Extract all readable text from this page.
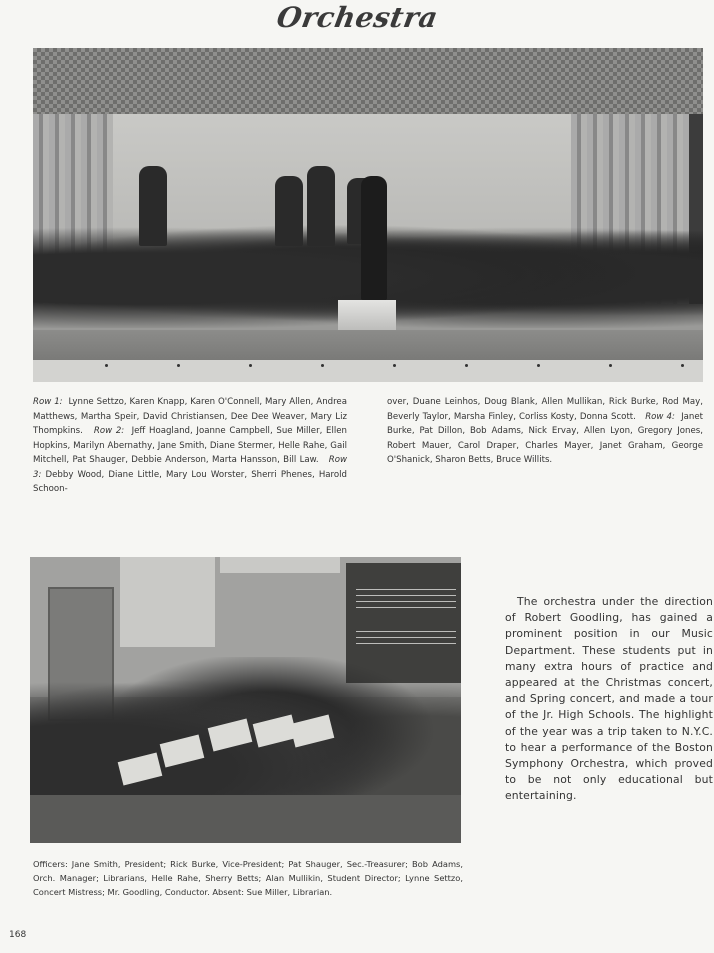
Orchestra
Row 1: Lynne Settzo, Karen Knapp, Karen O'Connell, Mary Allen, Andrea Matthews, Martha Speir, David Christiansen, Dee Dee Weaver, Mary Liz Thompkins. Row 2: Jeff Hoagland, Joanne Campbell, Sue Miller, Ellen Hopkins, Marilyn Abernathy, Jane Smith, Diane Stermer, Helle Rahe, Gail Mitchell, Pat Shauger, Debbie Anderson, Marta Hansson, Bill Law. Row 3: Debby Wood, Diane Little, Mary Lou Worster, Sherri Phenes, Harold Schoon-
over, Duane Leinhos, Doug Blank, Allen Mullikan, Rick Burke, Rod May, Beverly Taylor, Marsha Finley, Corliss Kosty, Donna Scott. Row 4: Janet Burke, Pat Dillon, Bob Adams, Nick Ervay, Allen Lyon, Gregory Jones, Robert Mauer, Carol Draper, Charles Mayer, Janet Graham, George O'Shanick, Sharon Betts, Bruce Willits.
Officers: Jane Smith, President; Rick Burke, Vice-President; Pat Shauger, Sec.-Treasurer; Bob Adams, Orch. Manager; Librarians, Helle Rahe, Sherry Betts; Alan Mullikin, Student Director; Lynne Settzo, Concert Mistress; Mr. Goodling, Conductor. Absent: Sue Miller, Librarian.

The orchestra under the direction of Robert Goodling, has gained a prominent position in our Music Department. These students put in many extra hours of practice and appeared at the Christmas concert, and Spring concert, and made a tour of the Jr. High Schools. The highlight of the year was a trip taken to N.Y.C. to hear a performance of the Boston Symphony Orchestra, which proved to be not only educational but entertaining.

168
